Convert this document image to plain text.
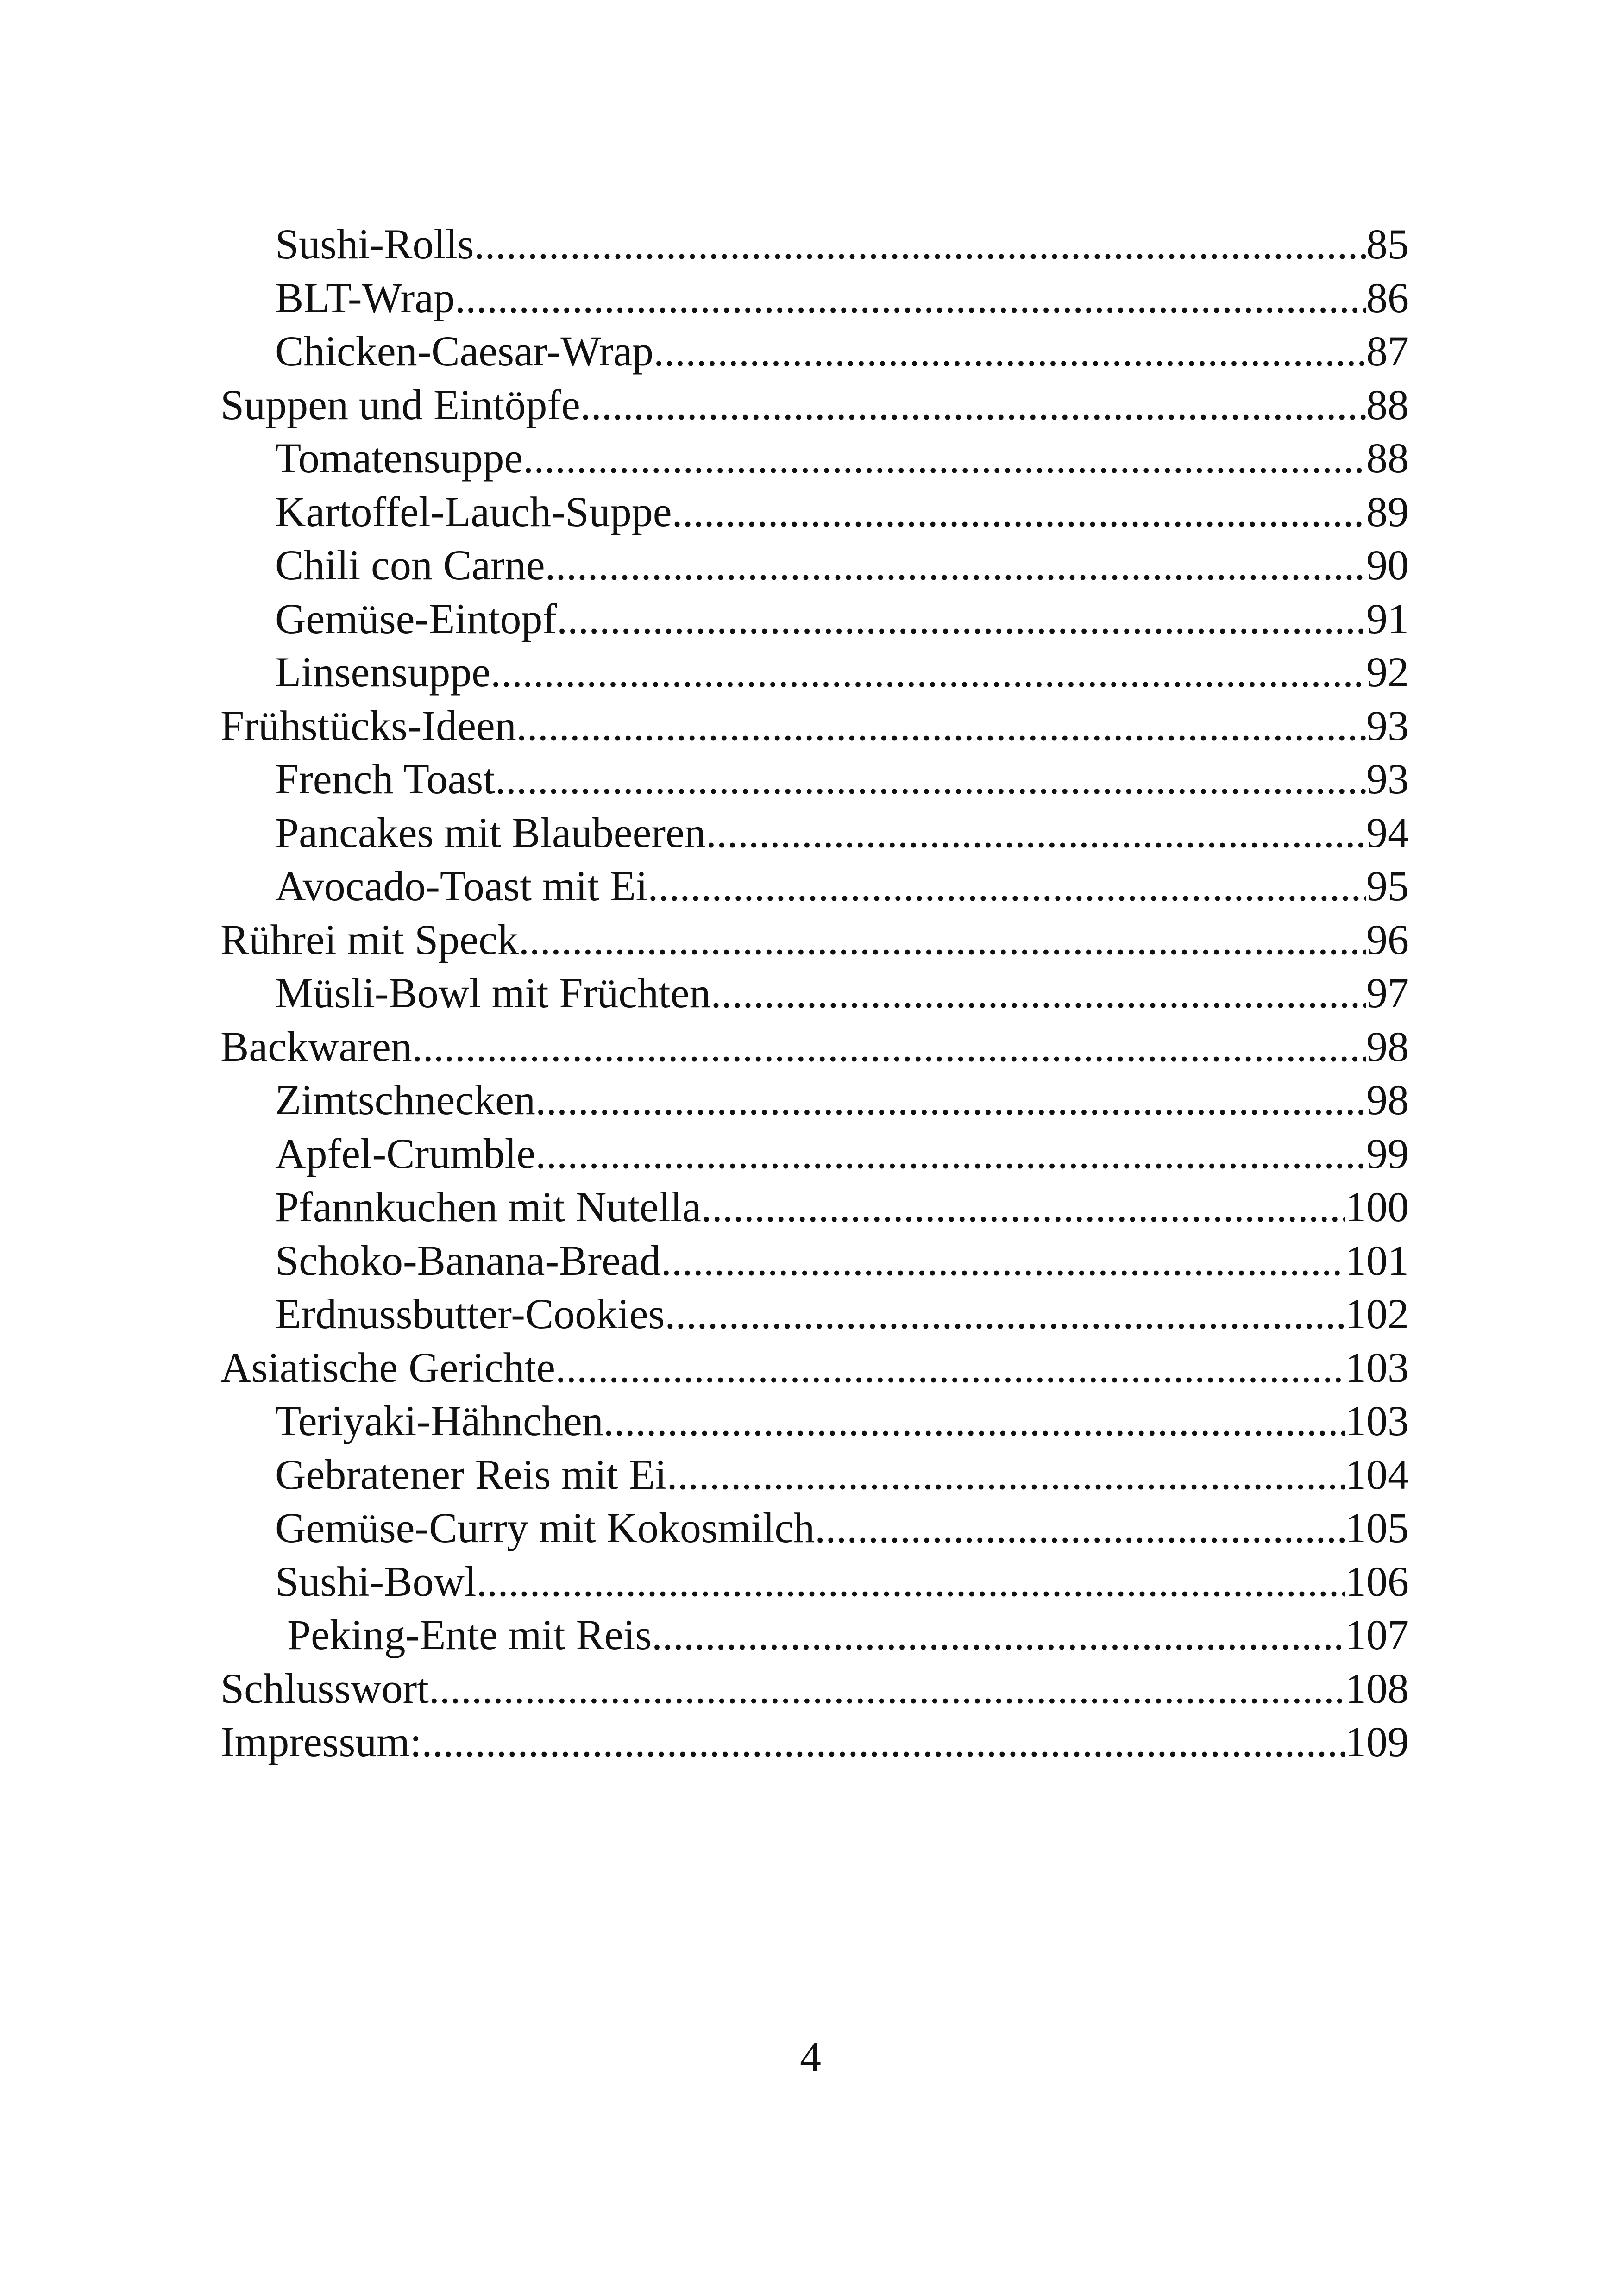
Sushi-Rolls .....	85
BLT-Wrap .....	86
Chicken-Caesar-Wrap .....	87
Suppen und Eintöpfe .....	88
Tomatensuppe .....	88
Kartoffel-Lauch-Suppe .....	89
Chili con Carne .....	90
Gemüse-Eintopf .....	91
Linsensuppe .....	92
Frühstücks-Ideen .....	93
French Toast .....	93
Pancakes mit Blaubeeren .....	94
Avocado-Toast mit Ei .....	95
Rührei mit Speck .....	96
Müsli-Bowl mit Früchten .....	97
Backwaren .....	98
Zimtschnecken .....	98
Apfel-Crumble .....	99
Pfannkuchen mit Nutella .....	100
Schoko-Banana-Bread .....	101
Erdnussbutter-Cookies .....	102
Asiatische Gerichte .....	103
Teriyaki-Hähnchen .....	103
Gebratener Reis mit Ei .....	104
Gemüse-Curry mit Kokosmilch .....	105
Sushi-Bowl .....	106
Peking-Ente mit Reis .....	107
Schlusswort .....	108
Impressum: .....	109
4
